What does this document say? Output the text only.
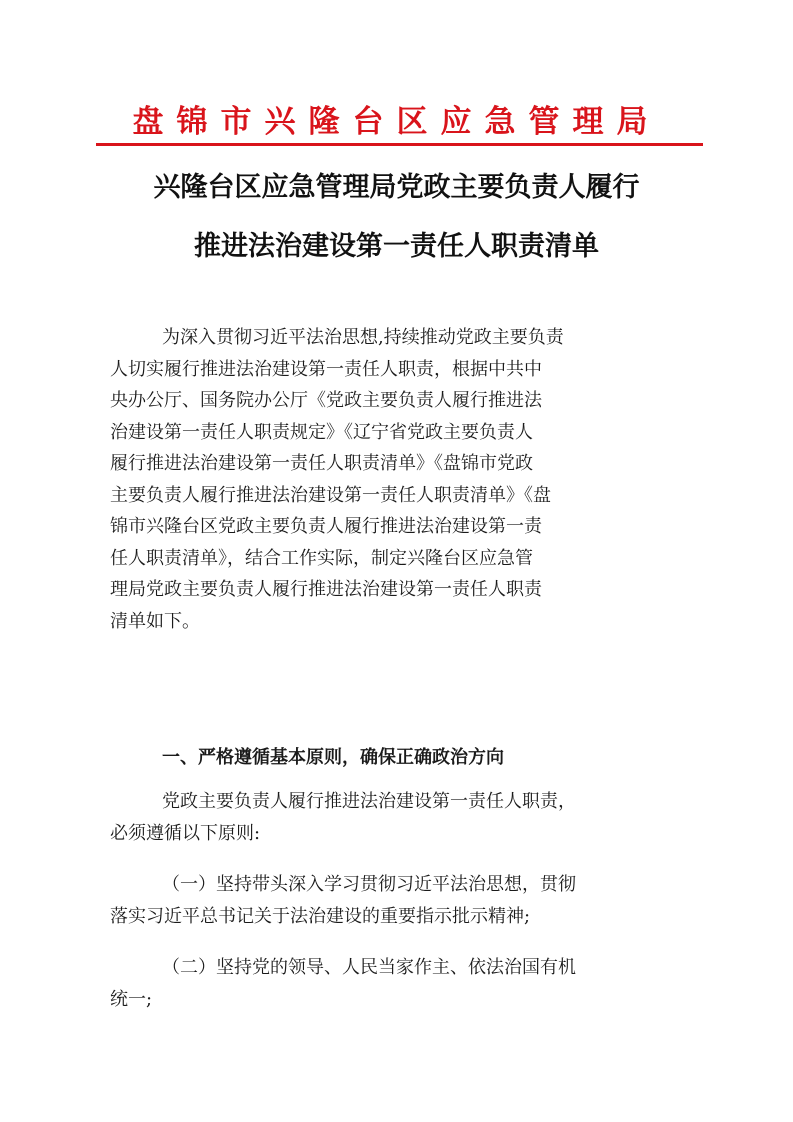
盘锦市兴隆台区应急管理局
兴隆台区应急管理局党政主要负责人履行
推进法治建设第一责任人职责清单
为深入贯彻习近平法治思想,持续推动党政主要负责
人切实履行推进法治建设第一责任人职责，根据中共中
央办公厅、国务院办公厅《党政主要负责人履行推进法
治建设第一责任人职责规定》《辽宁省党政主要负责人
履行推进法治建设第一责任人职责清单》《盘锦市党政
主要负责人履行推进法治建设第一责任人职责清单》《盘
锦市兴隆台区党政主要负责人履行推进法治建设第一责
任人职责清单》，结合工作实际，制定兴隆台区应急管
理局党政主要负责人履行推进法治建设第一责任人职责
清单如下。
一、严格遵循基本原则，确保正确政治方向
党政主要负责人履行推进法治建设第一责任人职责，
必须遵循以下原则:
（一）坚持带头深入学习贯彻习近平法治思想，贯彻
落实习近平总书记关于法治建设的重要指示批示精神;
（二）坚持党的领导、人民当家作主、依法治国有机
统一;
